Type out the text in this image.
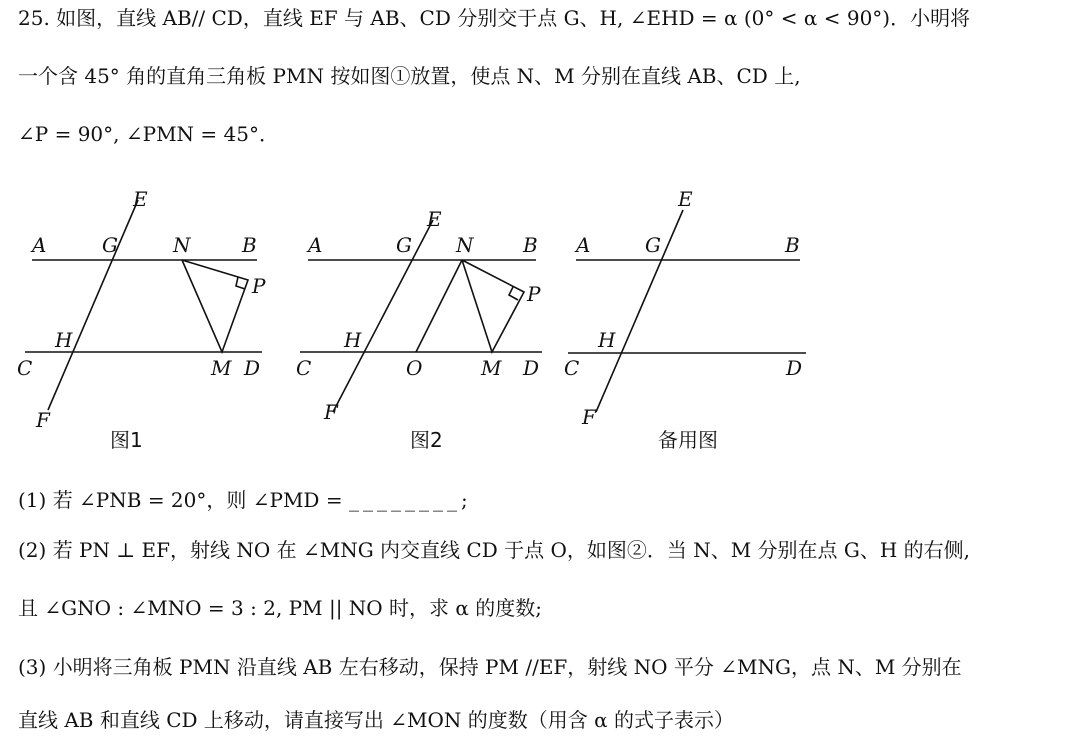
25. 如图，直线 AB// CD，直线 EF 与 AB、CD 分别交于点 G、H, ∠EHD = α (0° < α < 90°)．小明将
一个含 45° 角的直角三角板 PMN 按如图①放置，使点 N、M 分别在直线 AB、CD 上,
∠P = 90°, ∠PMN = 45°．
E
A	G	N	B
P
H
C	M D
F
图1
E
A	G N B
P
H
C	O	M D
F
图2
E
A	G	B
H
C	D
F
备用图
(1) 若 ∠PNB = 20°，则 ∠PMD = ________;
(2) 若 PN ⊥ EF，射线 NO 在 ∠MNG 内交直线 CD 于点 O，如图②．当 N、M 分别在点 G、H 的右侧,
且 ∠GNO : ∠MNO = 3 : 2, PM || NO 时，求 α 的度数;
(3) 小明将三角板 PMN 沿直线 AB 左右移动，保持 PM //EF，射线 NO 平分 ∠MNG，点 N、M 分别在
直线 AB 和直线 CD 上移动，请直接写出 ∠MON 的度数（用含 α 的式子表示）
